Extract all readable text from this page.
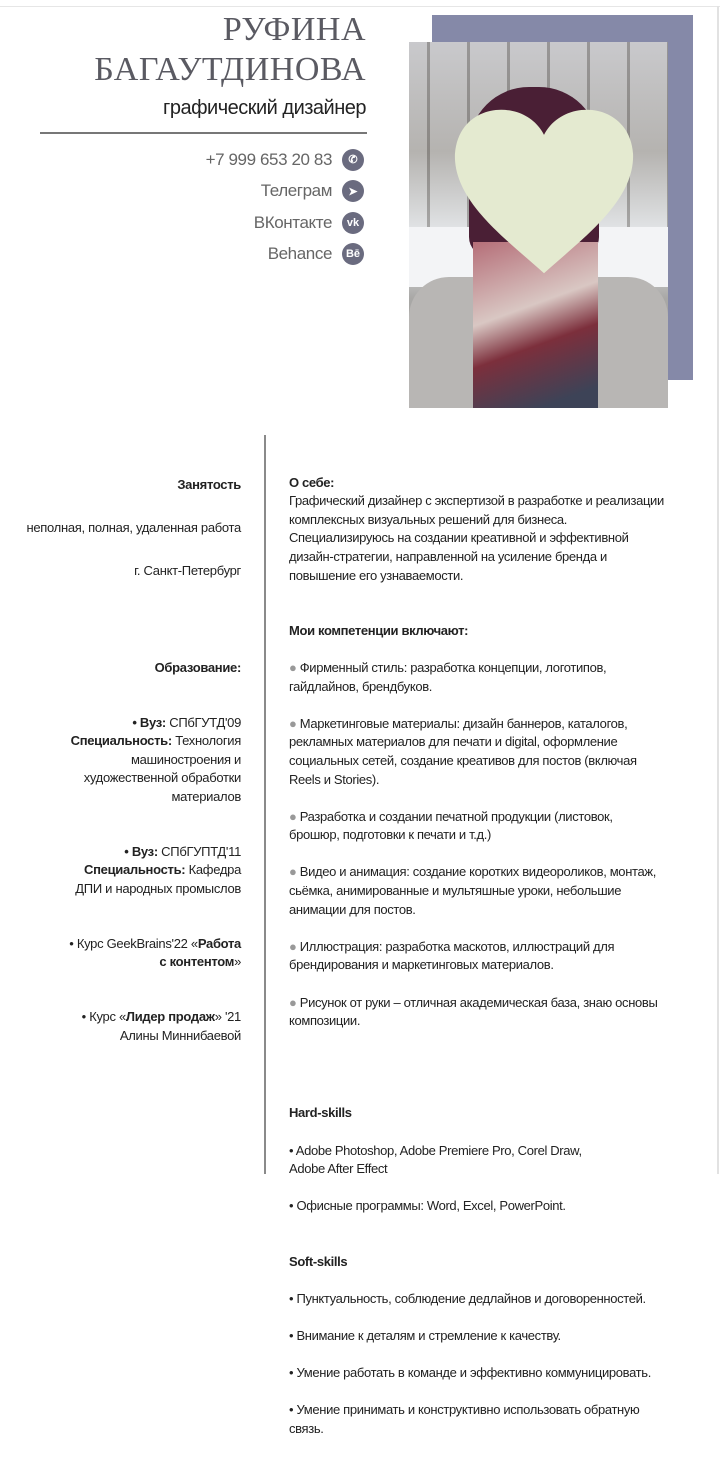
РУФИНА
БАГАУТДИНОВА
графический дизайнер
+7 999 653 20 83	✆
Телеграм	➤
ВКонтакте	vk
Behance	Bē

Занятость

неполная, полная, удаленная работа

г. Санкт-Петербург

Образование:

• Вуз: СПбГУТД'09
Специальность: Технология
машиностроения и
художественной обработки
материалов

• Вуз: СПбГУПТД'11
Специальность: Кафедра
ДПИ и народных промыслов

• Курс GeekBrains'22 «Работа
с контентом»

• Курс «Лидер продаж» '21
Алины Миннибаевой

О себе:

Графический дизайнер с экспертизой в разработке и реализации
комплексных визуальных решений для бизнеса.
Специализируюсь на создании креативной и эффективной
дизайн-стратегии, направленной на усиление бренда и
повышение его узнаваемости.

Мои компетенции включают:

● Фирменный стиль: разработка концепции, логотипов,
гайдлайнов, брендбуков.

● Маркетинговые материалы: дизайн баннеров, каталогов,
рекламных материалов для печати и digital, оформление
социальных сетей, создание креативов для постов (включая
Reels и Stories).

● Разработка и создании печатной продукции (листовок,
брошюр, подготовки к печати и т.д.)

● Видео и анимация: создание коротких видеороликов, монтаж,
сьёмка, анимированные и мультяшные уроки, небольшие
анимации для постов.

● Иллюстрация: разработка маскотов, иллюстраций для
брендирования и маркетинговых материалов.

● Рисунок от руки – отличная академическая база, знаю основы
композиции.

Hard-skills

• Adobe Photoshop, Adobe Premiere Pro, Corel Draw,
Adobe After Effect

• Офисные программы: Word, Excel, PowerPoint.

Soft-skills

• Пунктуальность, соблюдение дедлайнов и договоренностей.

• Внимание к деталям и стремление к качеству.

• Умение работать в команде и эффективно коммуницировать.

• Умение принимать и конструктивно использовать обратную
связь.
